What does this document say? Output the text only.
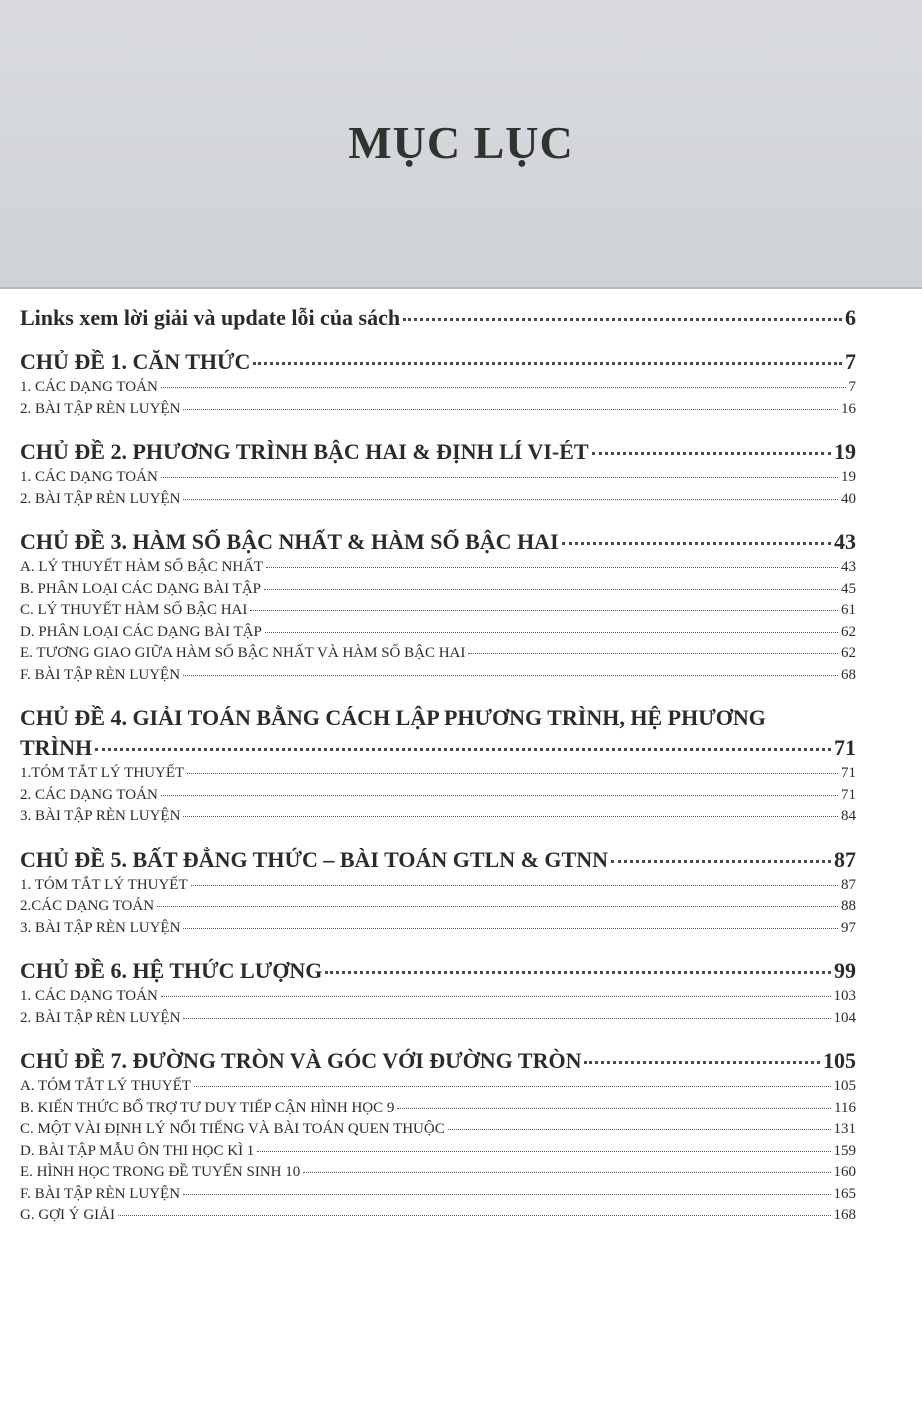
MỤC LỤC
Links xem lời giải và update lỗi của sách	6
CHỦ ĐỀ 1. CĂN THỨC	7
1. CÁC DẠNG TOÁN	7
2. BÀI TẬP RÈN LUYỆN	16
CHỦ ĐỀ 2. PHƯƠNG TRÌNH BẬC HAI & ĐỊNH LÍ VI-ÉT	19
1. CÁC DẠNG TOÁN	19
2. BÀI TẬP RÈN LUYỆN	40
CHỦ ĐỀ 3. HÀM SỐ BẬC NHẤT & HÀM SỐ BẬC HAI	43
A. LÝ THUYẾT HÀM SỐ BẬC NHẤT	43
B. PHÂN LOẠI CÁC DẠNG BÀI TẬP	45
C. LÝ THUYẾT HÀM SỐ BẬC HAI	61
D. PHÂN LOẠI CÁC DẠNG BÀI TẬP	62
E. TƯƠNG GIAO GIỮA HÀM SỐ BẬC NHẤT VÀ HÀM SỐ BẬC HAI	62
F. BÀI TẬP RÈN LUYỆN	68
CHỦ ĐỀ 4. GIẢI TOÁN BẰNG CÁCH LẬP PHƯƠNG TRÌNH, HỆ PHƯƠNG
TRÌNH	71
1.TÓM TẮT LÝ THUYẾT	71
2. CÁC DẠNG TOÁN	71
3. BÀI TẬP RÈN LUYỆN	84
CHỦ ĐỀ 5. BẤT ĐẲNG THỨC – BÀI TOÁN GTLN & GTNN	87
1. TÓM TẮT LÝ THUYẾT	87
2.CÁC DẠNG TOÁN	88
3. BÀI TẬP RÈN LUYỆN	97
CHỦ ĐỀ 6. HỆ THỨC LƯỢNG	99
1. CÁC DẠNG TOÁN	103
2. BÀI TẬP RÈN LUYỆN	104
CHỦ ĐỀ 7. ĐƯỜNG TRÒN VÀ GÓC VỚI ĐƯỜNG TRÒN	105
A. TÓM TẮT LÝ THUYẾT	105
B. KIẾN THỨC BỔ TRỢ TƯ DUY TIẾP CẬN HÌNH HỌC 9	116
C. MỘT VÀI ĐỊNH LÝ NỔI TIẾNG VÀ BÀI TOÁN QUEN THUỘC	131
D. BÀI TẬP MẪU ÔN THI HỌC KÌ 1	159
E. HÌNH HỌC TRONG ĐỀ TUYỂN SINH 10	160
F. BÀI TẬP RÈN LUYỆN	165
G. GỢI Ý GIẢI	168
